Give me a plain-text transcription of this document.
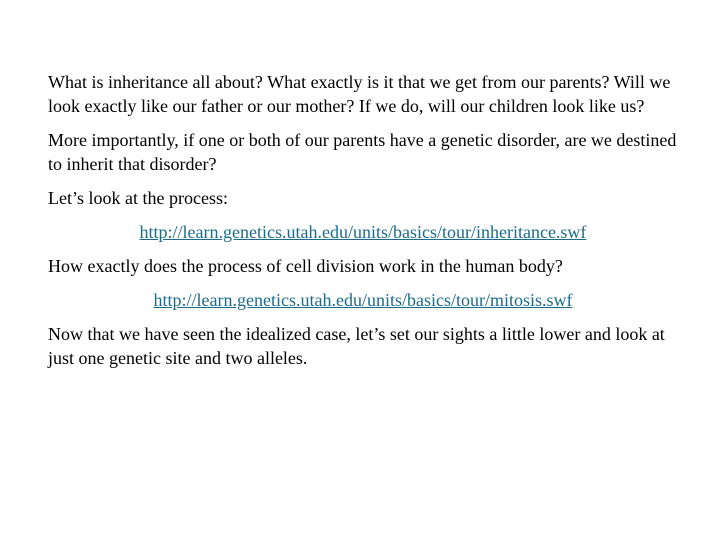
What is inheritance all about? What exactly is it that we get from our parents? Will we look exactly like our father or our mother? If we do, will our children look like us?

More importantly, if one or both of our parents have a genetic disorder, are we destined to inherit that disorder?

Let’s look at the process:

http://learn.genetics.utah.edu/units/basics/tour/inheritance.swf

How exactly does the process of cell division work in the human body?

http://learn.genetics.utah.edu/units/basics/tour/mitosis.swf

Now that we have seen the idealized case, let’s set our sights a little lower and look at just one genetic site and two alleles.
